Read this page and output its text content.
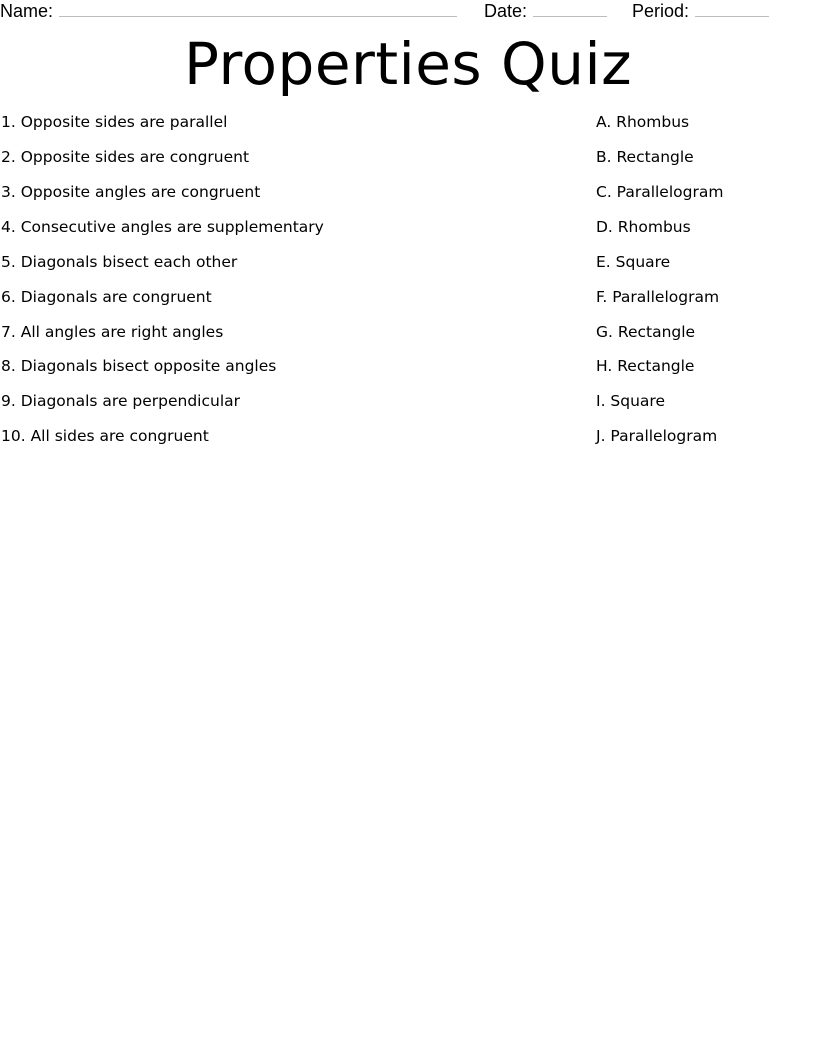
Name:	Date:	Period:
Properties Quiz
1. Opposite sides are parallel	A. Rhombus
2. Opposite sides are congruent	B. Rectangle
3. Opposite angles are congruent	C. Parallelogram
4. Consecutive angles are supplementary	D. Rhombus
5. Diagonals bisect each other	E. Square
6. Diagonals are congruent	F. Parallelogram
7. All angles are right angles	G. Rectangle
8. Diagonals bisect opposite angles	H. Rectangle
9. Diagonals are perpendicular	I. Square
10. All sides are congruent	J. Parallelogram
